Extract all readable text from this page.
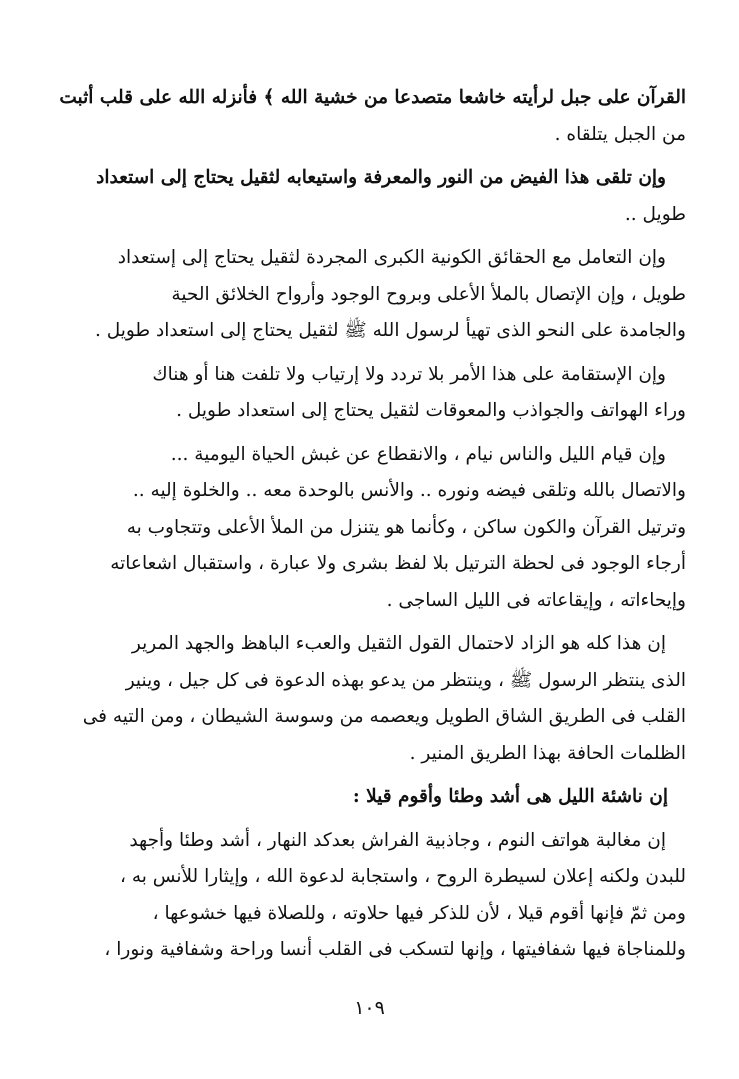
القرآن على جبل لرأيته خاشعا متصدعا من خشية الله ﴾ فأنزله الله على قلب أثبت
من الجبل يتلقاه .
وإن تلقى هذا الفيض من النور والمعرفة واستيعابه لثقيل يحتاج إلى استعداد
طويل ..
وإن التعامل مع الحقائق الكونية الكبرى المجردة لثقيل يحتاج إلى إستعداد
طويل ، وإن الإتصال بالملأ الأعلى وبروح الوجود وأرواح الخلائق الحية
والجامدة على النحو الذى تهيأ لرسول الله ﷺ لثقيل يحتاج إلى استعداد طويل .
وإن الإستقامة على هذا الأمر بلا تردد ولا إرتياب ولا تلفت هنا أو هناك
وراء الهواتف والجواذب والمعوقات لثقيل يحتاج إلى استعداد طويل .
وإن قيام الليل والناس نيام ، والانقطاع عن غبش الحياة اليومية ...
والاتصال بالله وتلقى فيضه ونوره .. والأنس بالوحدة معه .. والخلوة إليه ..
وترتيل القرآن والكون ساكن ، وكأنما هو يتنزل من الملأ الأعلى وتتجاوب به
أرجاء الوجود فى لحظة الترتيل بلا لفظ بشرى ولا عبارة ، واستقبال اشعاعاته
وإيحاءاته ، وإيقاعاته فى الليل الساجى .
إن هذا كله هو الزاد لاحتمال القول الثقيل والعبء الباهظ والجهد المرير
الذى ينتظر الرسول ﷺ ، وينتظر من يدعو بهذه الدعوة فى كل جيل ، وينير
القلب فى الطريق الشاق الطويل ويعصمه من وسوسة الشيطان ، ومن التيه فى
الظلمات الحافة بهذا الطريق المنير .
إن ناشئة الليل هى أشد وطئا وأقوم قيلا :
إن مغالبة هواتف النوم ، وجاذبية الفراش بعدكد النهار ، أشد وطئا وأجهد
للبدن ولكنه إعلان لسيطرة الروح ، واستجابة لدعوة الله ، وإيثارا للأنس به ،
ومن ثمّ فإنها أقوم قيلا ، لأن للذكر فيها حلاوته ، وللصلاة فيها خشوعها ،
وللمناجاة فيها شفافيتها ، وإنها لتسكب فى القلب أنسا وراحة وشفافية ونورا ،
١٠٩
